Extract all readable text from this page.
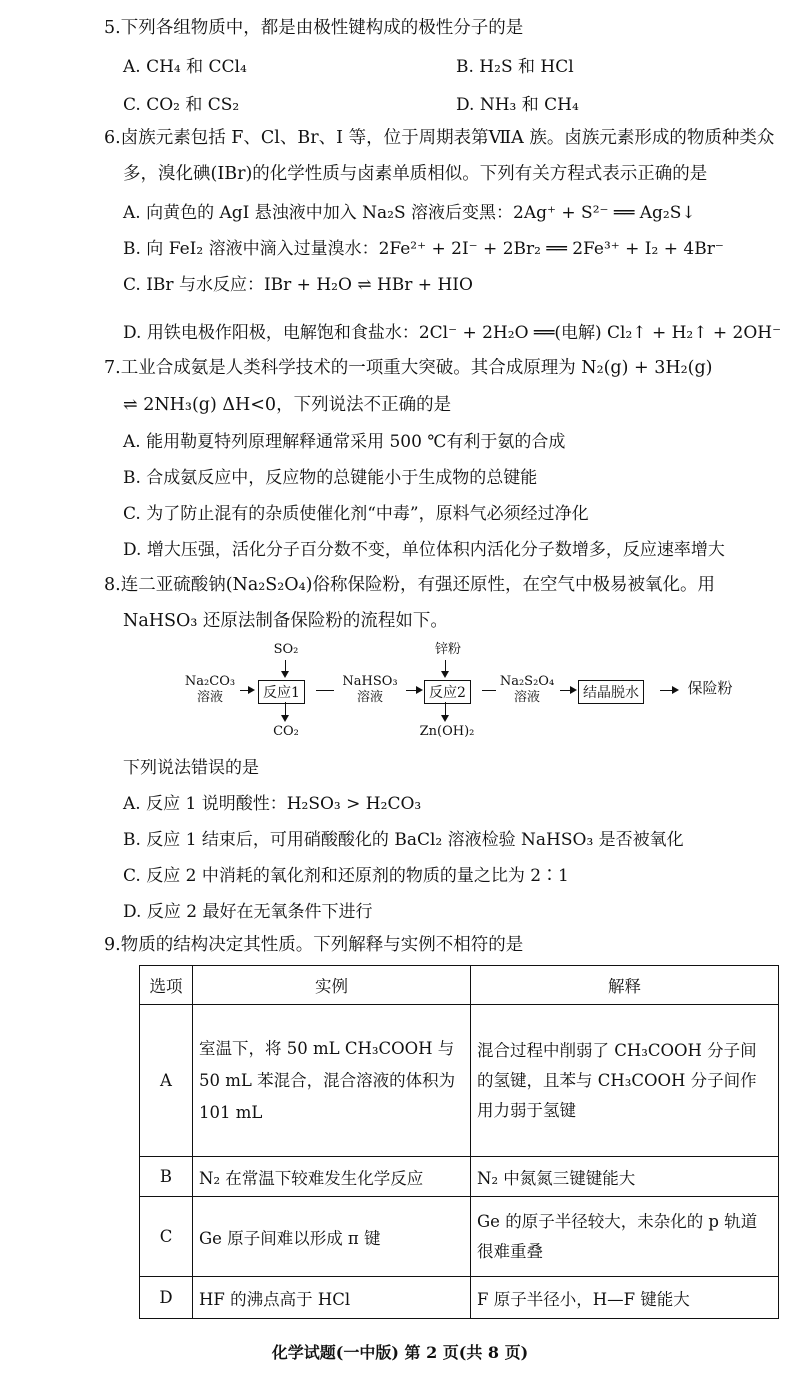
5.下列各组物质中，都是由极性键构成的极性分子的是
A. CH₄ 和 CCl₄	B. H₂S 和 HCl
C. CO₂ 和 CS₂	D. NH₃ 和 CH₄
6.卤族元素包括 F、Cl、Br、I 等，位于周期表第ⅦA 族。卤族元素形成的物质种类众
多，溴化碘(IBr)的化学性质与卤素单质相似。下列有关方程式表示正确的是
A. 向黄色的 AgI 悬浊液中加入 Na₂S 溶液后变黑：2Ag⁺ + S²⁻ ══ Ag₂S↓
B. 向 FeI₂ 溶液中滴入过量溴水：2Fe²⁺ + 2I⁻ + 2Br₂ ══ 2Fe³⁺ + I₂ + 4Br⁻
C. IBr 与水反应：IBr + H₂O ⇌ HBr + HIO
D. 用铁电极作阳极，电解饱和食盐水：2Cl⁻ + 2H₂O ══(电解) Cl₂↑ + H₂↑ + 2OH⁻
7.工业合成氨是人类科学技术的一项重大突破。其合成原理为 N₂(g) + 3H₂(g)
⇌ 2NH₃(g) ΔH<0，下列说法不正确的是
A. 能用勒夏特列原理解释通常采用 500 ℃有利于氨的合成
B. 合成氨反应中，反应物的总键能小于生成物的总键能
C. 为了防止混有的杂质使催化剂“中毒”，原料气必须经过净化
D. 增大压强，活化分子百分数不变，单位体积内活化分子数增多，反应速率增大
8.连二亚硫酸钠(Na₂S₂O₄)俗称保险粉，有强还原性，在空气中极易被氧化。用
NaHSO₃ 还原法制备保险粉的流程如下。
Na₂CO₃
溶液
SO₂
反应1
CO₂
NaHSO₃
溶液
锌粉
反应2
Zn(OH)₂
Na₂S₂O₄
溶液	结晶脱水	保险粉
下列说法错误的是
A. 反应 1 说明酸性：H₂SO₃ > H₂CO₃
B. 反应 1 结束后，可用硝酸酸化的 BaCl₂ 溶液检验 NaHSO₃ 是否被氧化
C. 反应 2 中消耗的氧化剂和还原剂的物质的量之比为 2∶1
D. 反应 2 最好在无氧条件下进行
9.物质的结构决定其性质。下列解释与实例不相符的是
选项	实例	解释
A	室温下，将 50 mL CH₃COOH 与 50 mL 苯混合，混合溶液的体积为 101 mL	混合过程中削弱了 CH₃COOH 分子间的氢键，且苯与 CH₃COOH 分子间作用力弱于氢键
B	N₂ 在常温下较难发生化学反应	N₂ 中氮氮三键键能大
C	Ge 原子间难以形成 π 键	Ge 的原子半径较大，未杂化的 p 轨道很难重叠
D	HF 的沸点高于 HCl	F 原子半径小，H—F 键能大
化学试题(一中版) 第 2 页(共 8 页)
